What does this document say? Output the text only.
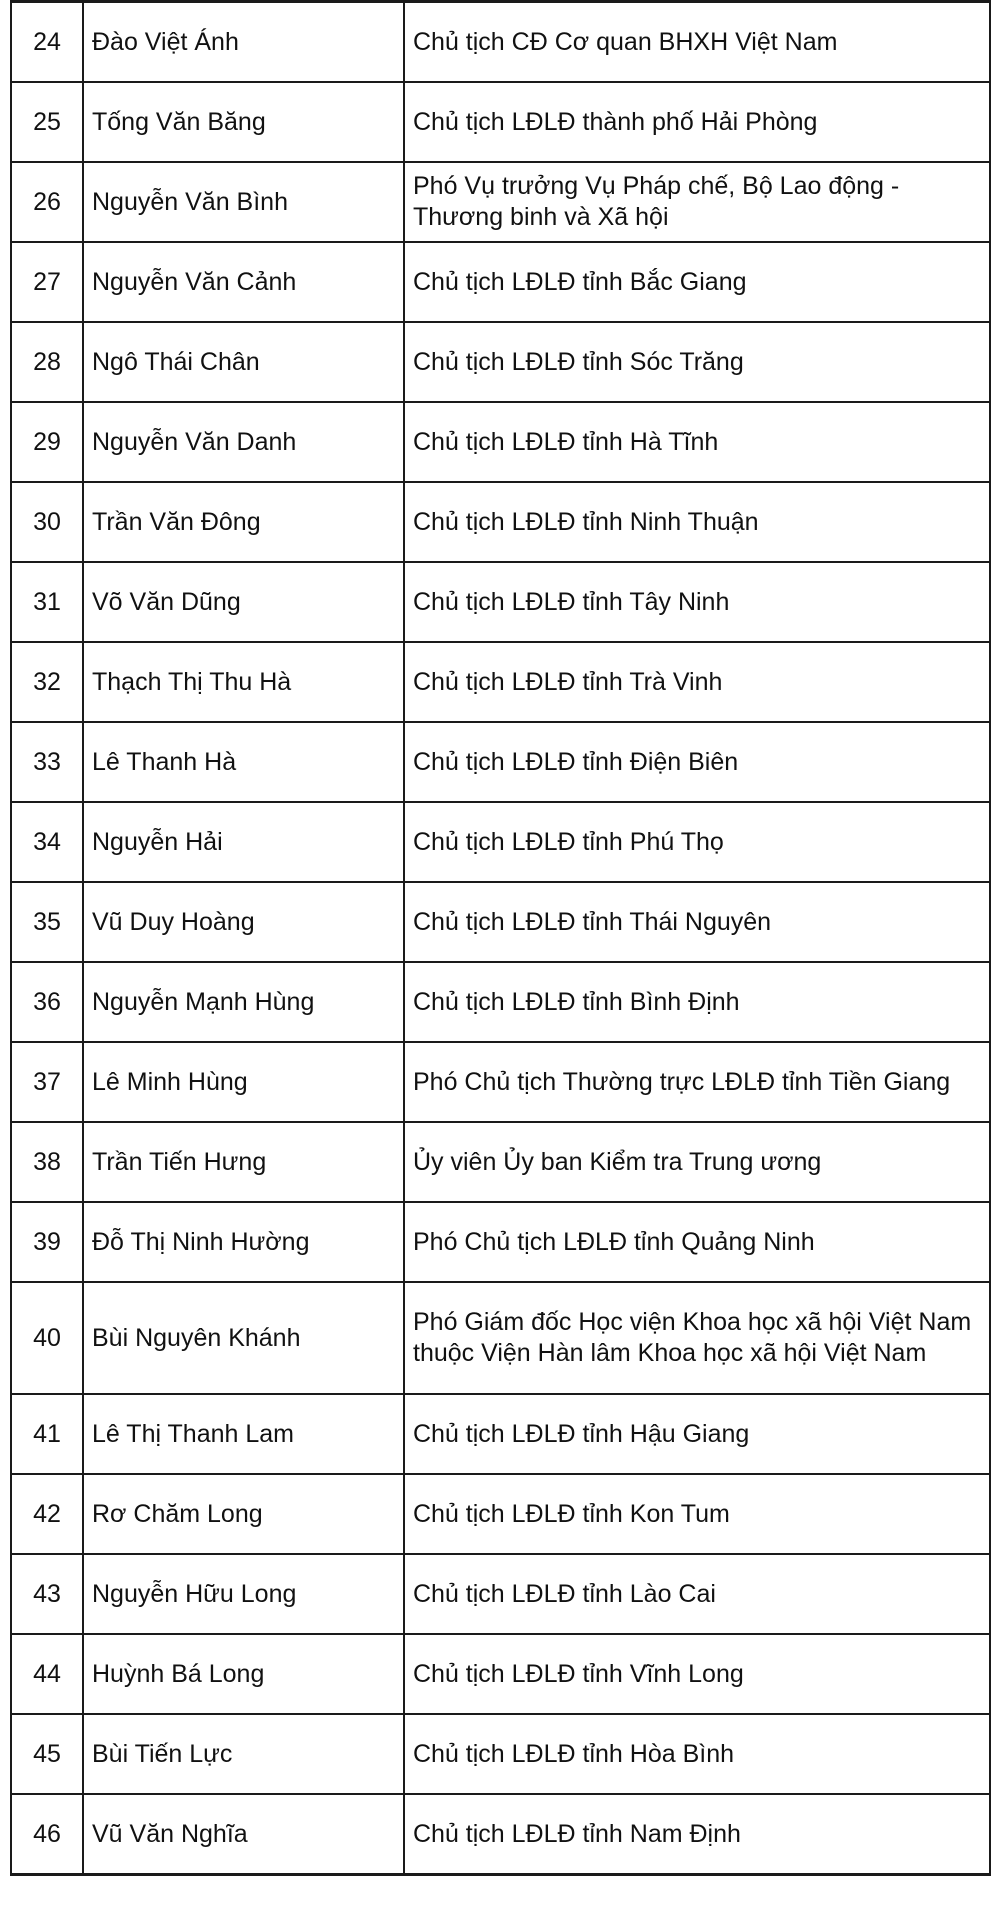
24	Đào Việt Ánh	Chủ tịch CĐ Cơ quan BHXH Việt Nam
25	Tống Văn Băng	Chủ tịch LĐLĐ thành phố Hải Phòng
26	Nguyễn Văn Bình	Phó Vụ trưởng Vụ Pháp chế, Bộ Lao động - Thương binh và Xã hội
27	Nguyễn Văn Cảnh	Chủ tịch LĐLĐ tỉnh Bắc Giang
28	Ngô Thái Chân	Chủ tịch LĐLĐ tỉnh Sóc Trăng
29	Nguyễn Văn Danh	Chủ tịch LĐLĐ tỉnh Hà Tĩnh
30	Trần Văn Đông	Chủ tịch LĐLĐ tỉnh Ninh Thuận
31	Võ Văn Dũng	Chủ tịch LĐLĐ tỉnh Tây Ninh
32	Thạch Thị Thu Hà	Chủ tịch LĐLĐ tỉnh Trà Vinh
33	Lê Thanh Hà	Chủ tịch LĐLĐ tỉnh Điện Biên
34	Nguyễn Hải	Chủ tịch LĐLĐ tỉnh Phú Thọ
35	Vũ Duy Hoàng	Chủ tịch LĐLĐ tỉnh Thái Nguyên
36	Nguyễn Mạnh Hùng	Chủ tịch LĐLĐ tỉnh Bình Định
37	Lê Minh Hùng	Phó Chủ tịch Thường trực LĐLĐ tỉnh Tiền Giang
38	Trần Tiến Hưng	Ủy viên Ủy ban Kiểm tra Trung ương
39	Đỗ Thị Ninh Hường	Phó Chủ tịch LĐLĐ tỉnh Quảng Ninh
40	Bùi Nguyên Khánh	Phó Giám đốc Học viện Khoa học xã hội Việt Nam thuộc Viện Hàn lâm Khoa học xã hội Việt Nam
41	Lê Thị Thanh Lam	Chủ tịch LĐLĐ tỉnh Hậu Giang
42	Rơ Chăm Long	Chủ tịch LĐLĐ tỉnh Kon Tum
43	Nguyễn Hữu Long	Chủ tịch LĐLĐ tỉnh Lào Cai
44	Huỳnh Bá Long	Chủ tịch LĐLĐ tỉnh Vĩnh Long
45	Bùi Tiến Lực	Chủ tịch LĐLĐ tỉnh Hòa Bình
46	Vũ Văn Nghĩa	Chủ tịch LĐLĐ tỉnh Nam Định
